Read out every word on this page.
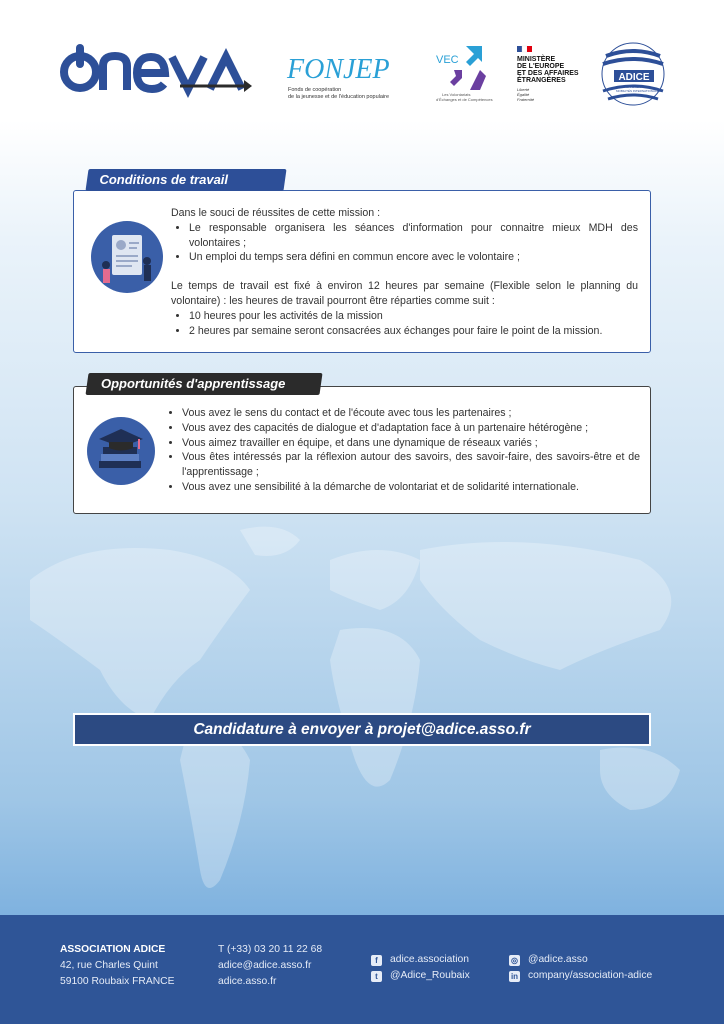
FONJEP
Fonds de coopération
de la jeunesse et de l'éducation populaire
VEC
Les Volontariats
d'Échanges et de Compétences
MINISTÈRE
DE L'EUROPE
ET DES AFFAIRES
ÉTRANGÈRES
Liberté
Égalité
Fraternité
ADICE
DÉVELOPPEMENT
MOBILITÉS INTERNATIONALES
Conditions de travail (horaires)
Dans le souci de réussites de cette mission :
• Le responsable organisera les séances d'information pour connaitre mieux MDH des volontaires ;
• Un emploi du temps sera défini en commun encore avec le volontaire ;
Le temps de travail est fixé à environ 12 heures par semaine (Flexible selon le planning du volontaire) : les heures de travail pourront être réparties comme suit :
• 10 heures pour les activités de la mission
• 2 heures par semaine seront consacrées aux échanges pour faire le point de la mission.
Opportunités d'apprentissage
• Vous avez le sens du contact et de l'écoute avec tous les partenaires ;
• Vous avez des capacités de dialogue et d'adaptation face à un partenaire hétérogène ;
• Vous aimez travailler en équipe, et dans une dynamique de réseaux variés ;
• Vous êtes intéressés par la réflexion autour des savoirs, des savoir-faire, des savoirs-être et de l'apprentissage ;
• Vous avez une sensibilité à la démarche de volontariat et de solidarité internationale.
Candidature à envoyer à projet@adice.asso.fr
ASSOCIATION ADICE
42, rue Charles Quint
59100 Roubaix FRANCE
T (+33) 03 20 11 22 68
adice@adice.asso.fr
adice.asso.fr
f adice.association
t @Adice_Roubaix
◎ @adice.asso
in company/association-adice
